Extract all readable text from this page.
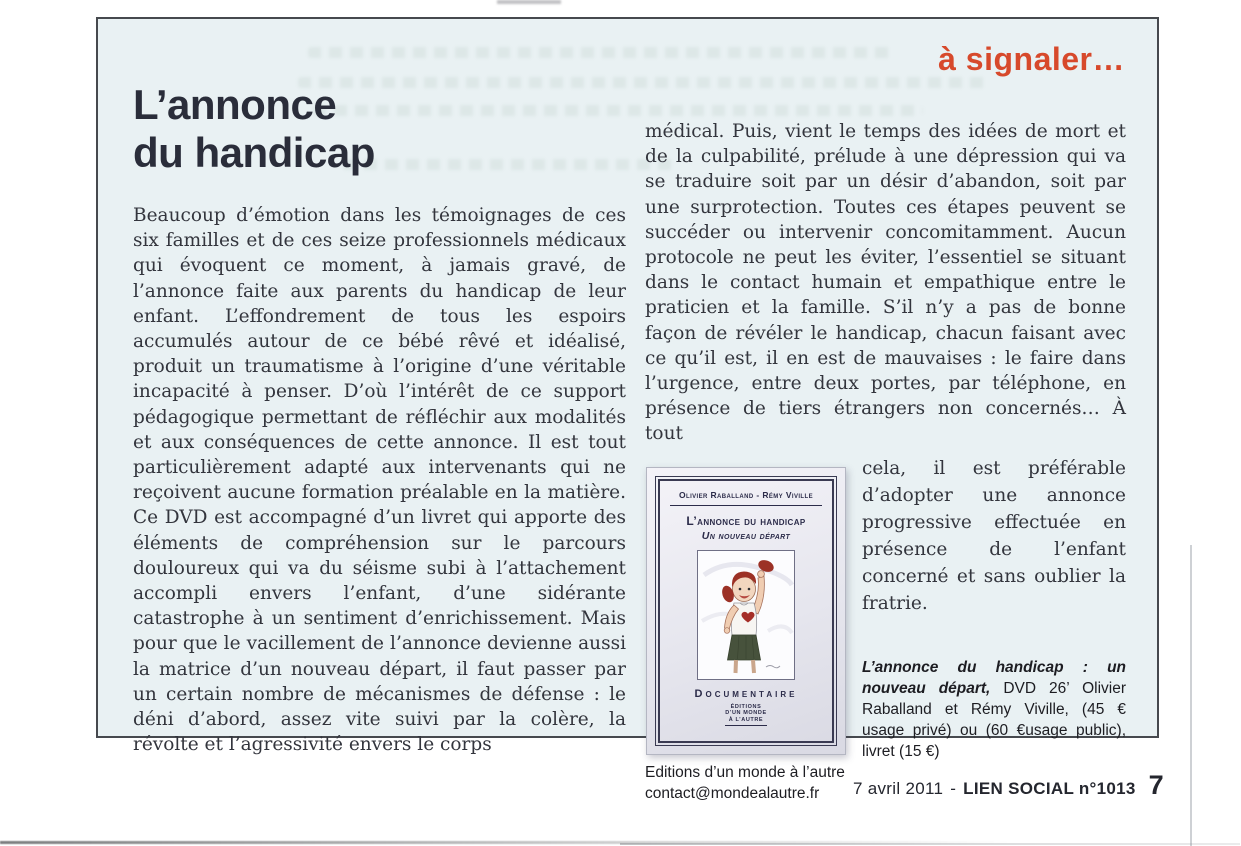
à signaler…
L’annonce
du handicap

Beaucoup d’émotion dans les témoignages de ces six familles et de ces seize professionnels médicaux qui évoquent ce moment, à jamais gravé, de l’annonce faite aux parents du handicap de leur enfant. L’effondrement de tous les espoirs accumulés autour de ce bébé rêvé et idéalisé, produit un traumatisme à l’origine d’une véritable incapacité à penser. D’où l’intérêt de ce support pédagogique permettant de réfléchir aux modalités et aux conséquences de cette annonce. Il est tout particulièrement adapté aux intervenants qui ne reçoivent aucune formation préalable en la matière. Ce DVD est accompagné d’un livret qui apporte des éléments de compréhension sur le parcours douloureux qui va du séisme subi à l’attachement accompli envers l’enfant, d’une sidérante catastrophe à un sentiment d’enrichissement. Mais pour que le vacillement de l’annonce devienne aussi la matrice d’un nouveau départ, il faut passer par un certain nombre de mécanismes de défense : le déni d’abord, assez vite suivi par la colère, la révolte et l’agressivité envers le corps

médical. Puis, vient le temps des idées de mort et de la culpabilité, prélude à une dépression qui va se traduire soit par un désir d’abandon, soit par une surprotection. Toutes ces étapes peuvent se succéder ou intervenir concomitamment. Aucun protocole ne peut les éviter, l’essentiel se situant dans le contact humain et empathique entre le praticien et la famille. S’il n’y a pas de bonne façon de révéler le handicap, chacun faisant avec ce qu’il est, il en est de mauvaises : le faire dans l’urgence, entre deux portes, par téléphone, en présence de tiers étrangers non concernés… À tout

Olivier Raballand - Rémy Viville
L’annonce du handicap
Un nouveau départ
Documentaire
ÉDITIONS
D’UN MONDE
À L’AUTRE

cela, il est préférable d’adopter une annonce progressive effectuée en présence de l’enfant concerné et sans oublier la fratrie.

L’annonce du handicap : un nouveau départ, DVD 26’ Olivier Raballand et Rémy Viville, (45 € usage privé) ou (60 €usage public), livret (15 €)

Editions d’un monde à l’autre

contact@mondealautre.fr	7 avril 2011 - LIEN SOCIAL n°1013 7
